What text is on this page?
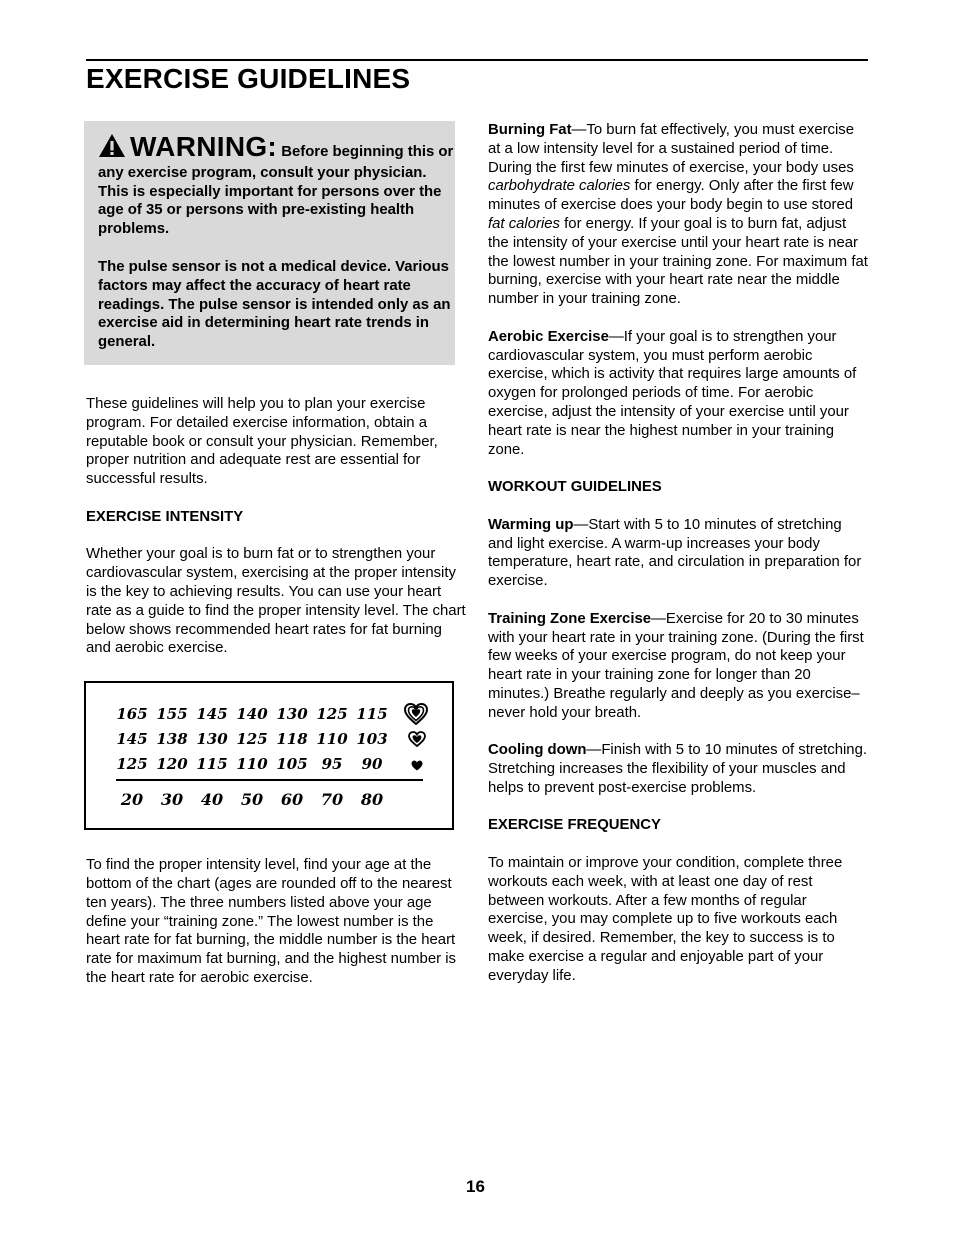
EXERCISE GUIDELINES

WARNING: Before beginning this or any exercise program, consult your physician. This is especially important for persons over the age of 35 or persons with pre-existing health problems.

The pulse sensor is not a medical device. Various factors may affect the accuracy of heart rate readings. The pulse sensor is intended only as an exercise aid in determining heart rate trends in general.

These guidelines will help you to plan your exercise program. For detailed exercise information, obtain a reputable book or consult your physician. Remember, proper nutrition and adequate rest are essential for successful results.

EXERCISE INTENSITY

Whether your goal is to burn fat or to strengthen your cardiovascular system, exercising at the proper intensity is the key to achieving results. You can use your heart rate as a guide to find the proper intensity level. The chart below shows recommended heart rates for fat burning and aerobic exercise.

165 155 145 140 130 125 115
145 138 130 125 118 110 103
125 120 115 110 105 95	90
20	30	40	50	60	70	80

To find the proper intensity level, find your age at the bottom of the chart (ages are rounded off to the nearest ten years). The three numbers listed above your age define your “training zone.” The lowest number is the heart rate for fat burning, the middle number is the heart rate for maximum fat burning, and the highest number is the heart rate for aerobic exercise.

Burning Fat—To burn fat effectively, you must exercise at a low intensity level for a sustained period of time. During the first few minutes of exercise, your body uses carbohydrate calories for energy. Only after the first few minutes of exercise does your body begin to use stored fat calories for energy. If your goal is to burn fat, adjust the intensity of your exercise until your heart rate is near the lowest number in your training zone. For maximum fat burning, exercise with your heart rate near the middle number in your training zone.

Aerobic Exercise—If your goal is to strengthen your cardiovascular system, you must perform aerobic exercise, which is activity that requires large amounts of oxygen for prolonged periods of time. For aerobic exercise, adjust the intensity of your exercise until your heart rate is near the highest number in your training zone.

WORKOUT GUIDELINES

Warming up—Start with 5 to 10 minutes of stretching and light exercise. A warm-up increases your body temperature, heart rate, and circulation in preparation for exercise.

Training Zone Exercise—Exercise for 20 to 30 minutes with your heart rate in your training zone. (During the first few weeks of your exercise program, do not keep your heart rate in your training zone for longer than 20 minutes.) Breathe regularly and deeply as you exercise–never hold your breath.

Cooling down—Finish with 5 to 10 minutes of stretching. Stretching increases the flexibility of your muscles and helps to prevent post-exercise problems.

EXERCISE FREQUENCY

To maintain or improve your condition, complete three workouts each week, with at least one day of rest between workouts. After a few months of regular exercise, you may complete up to five workouts each week, if desired. Remember, the key to success is to make exercise a regular and enjoyable part of your everyday life.

16
